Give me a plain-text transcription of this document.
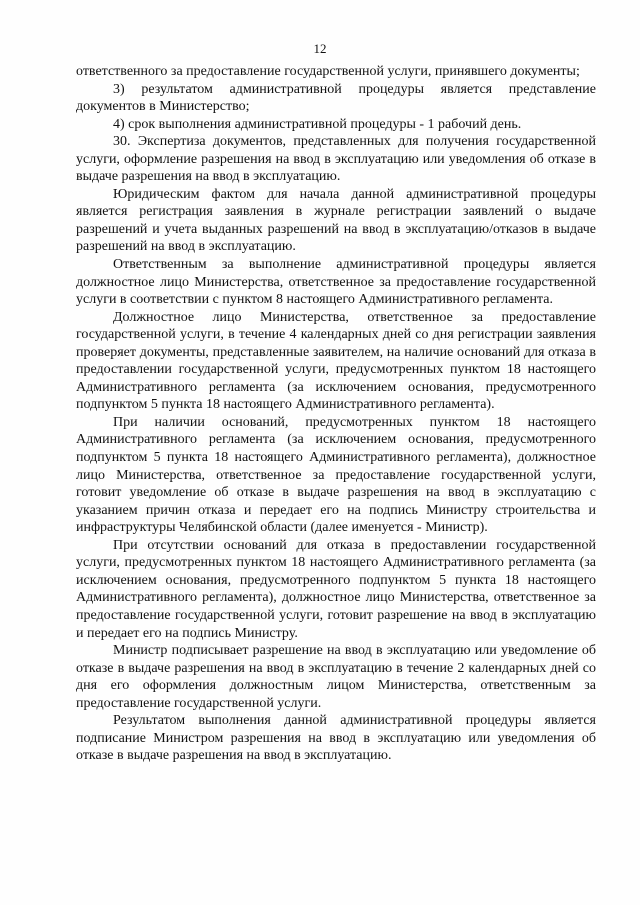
12

ответственного за предоставление государственной услуги, принявшего документы;

3) результатом административной процедуры является представление документов в Министерство;

4) срок выполнения административной процедуры - 1 рабочий день.

30. Экспертиза документов, представленных для получения государственной услуги, оформление разрешения на ввод в эксплуатацию или уведомления об отказе в выдаче разрешения на ввод в эксплуатацию.

Юридическим фактом для начала данной административной процедуры является регистрация заявления в журнале регистрации заявлений о выдаче разрешений и учета выданных разрешений на ввод в эксплуатацию/отказов в выдаче разрешений на ввод в эксплуатацию.

Ответственным за выполнение административной процедуры является должностное лицо Министерства, ответственное за предоставление государственной услуги в соответствии с пунктом 8 настоящего Административного регламента.

Должностное лицо Министерства, ответственное за предоставление государственной услуги, в течение 4 календарных дней со дня регистрации заявления проверяет документы, представленные заявителем, на наличие оснований для отказа в предоставлении государственной услуги, предусмотренных пунктом 18 настоящего Административного регламента (за исключением основания, предусмотренного подпунктом 5 пункта 18 настоящего Административного регламента).

При наличии оснований, предусмотренных пунктом 18 настоящего Административного регламента (за исключением основания, предусмотренного подпунктом 5 пункта 18 настоящего Административного регламента), должностное лицо Министерства, ответственное за предоставление государственной услуги, готовит уведомление об отказе в выдаче разрешения на ввод в эксплуатацию с указанием причин отказа и передает его на подпись Министру строительства и инфраструктуры Челябинской области (далее именуется - Министр).

При отсутствии оснований для отказа в предоставлении государственной услуги, предусмотренных пунктом 18 настоящего Административного регламента (за исключением основания, предусмотренного подпунктом 5 пункта 18 настоящего Административного регламента), должностное лицо Министерства, ответственное за предоставление государственной услуги, готовит разрешение на ввод в эксплуатацию и передает его на подпись Министру.

Министр подписывает разрешение на ввод в эксплуатацию или уведомление об отказе в выдаче разрешения на ввод в эксплуатацию в течение 2 календарных дней со дня его оформления должностным лицом Министерства, ответственным за предоставление государственной услуги.

Результатом выполнения данной административной процедуры является подписание Министром разрешения на ввод в эксплуатацию или уведомления об отказе в выдаче разрешения на ввод в эксплуатацию.
